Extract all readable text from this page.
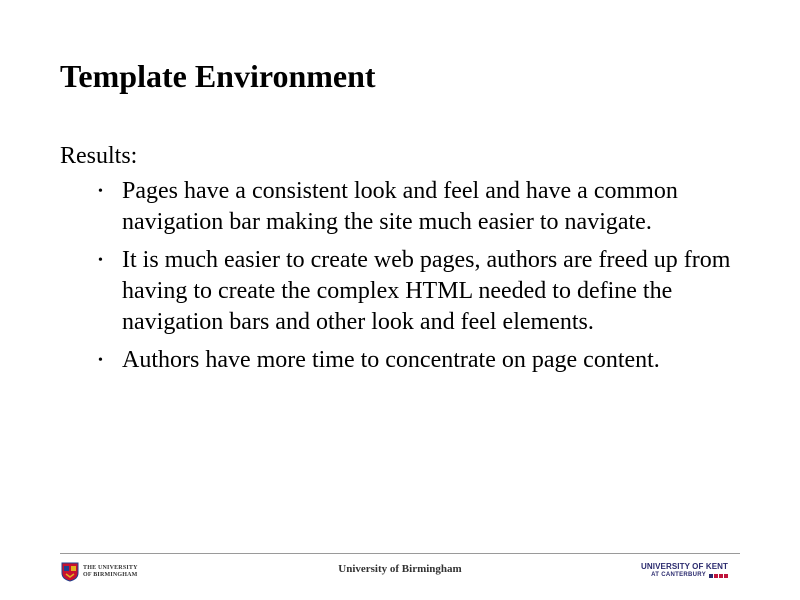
Template Environment

Results:

• Pages have a consistent look and feel and have a common navigation bar making the site much easier to navigate.
• It is much easier to create web pages, authors are freed up from having to create the complex HTML needed to define the navigation bars and other look and feel elements.
• Authors have more time to concentrate on page content.
THE UNIVERSITY
OF BIRMINGHAM	University of Birmingham	UNIVERSITY OF KENT
AT CANTERBURY
